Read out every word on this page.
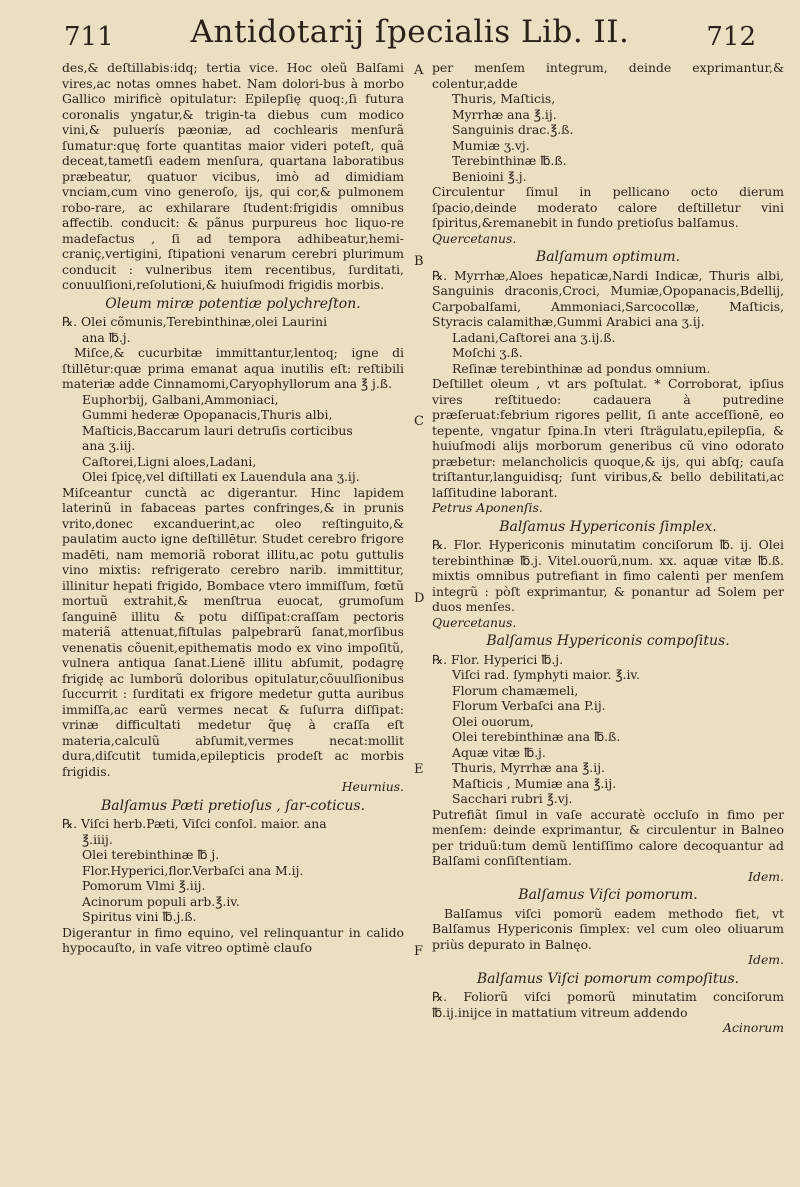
711	Antidotarij ſpecialis Lib. II.	712
A
B
C
D
E
F

des,& deſtillabis:idq; tertia vice. Hoc oleũ Balſami vires,ac notas omnes habet. Nam dolori-bus à morbo Gallico mirificè opitulatur: Epilepſię quoq:,ſi futura coronalis yngatur,& trigin-ta diebus cum modico vini,& puluerís pæoniæ, ad cochlearis menſurã ſumatur:quę forte quantitas maior videri poteſt, quã deceat,tametſi eadem menſura, quartana laboratibus præbeatur, quatuor vicibus, imò ad dimidiam vnciam,cum vino generoſo, ijs, qui cor,& pulmonem robo-rare, ac exhilarare ſtudent:frigidis omnibus affectib. conducit: & pãnus purpureus hoc liquo-re madefactus , ſi ad tempora adhibeatur,hemi-craniç,vertigini, ſtipationi venarum cerebri plurimum conducit : vulneribus item recentibus, ſurditati, conuulſioni,reſolutioni,& huiuſmodi frigidis morbis.

Oleum miræ potentiæ polychreſton.

℞. Olei cõmunis,Terebinthinæ,olei Laurini

ana ℔.j.

Miſce,& cucurbitæ immittantur,lentoq; igne di ſtillētur:quæ prima emanat aqua inutilis eſt: reſtibili materiæ adde Cinnamomi,Caryophyllorum ana ℥ j.ß.

Euphorbij, Galbani,Ammoniaci,

Gummi hederæ Opopanacis,Thuris albi,

Maſticis,Baccarum lauri detruſis corticibus

ana ʒ.iij.

Caſtorei,Ligni aloes,Ladani,

Olei ſpicę,vel diſtillati ex Lauendula ana ʒ.ij.

Miſceantur cunctà ac digerantur. Hinc lapidem laterinũ in fabaceas partes confringes,& in prunis vrito,donec excanduerint,ac oleo reſtinguito,& paulatim aucto igne deſtillētur. Studet cerebro frigore madēti, nam memoriã roborat illitu,ac potu guttulis vino mixtis: refrigerato cerebro narib. immittitur, illinitur hepati frigido, Bombace vtero immiſſum, fœtũ mortuũ extrahit,& menſtrua euocat, grumoſum ſanguinē illitu & potu diſſipat:craſſam pectoris materiã attenuat,fiſtulas palpebrarũ ſanat,morſibus venenatis cõuenit,epithematis modo ex vino impoſitũ, vulnera antiqua ſanat.Lienē illitu abſumit, podagrę frigidę ac lumborũ doloribus opitulatur,cõuulſionibus ſuccurrit : ſurditati ex frigore medetur gutta auribus immiſſa,ac earũ vermes necat & ſuſurra diſſipat: vrinæ difficultati medetur q̃uę à craſſa eſt materia,calculũ abſumit,vermes necat:mollit dura,diſcutit tumida,epilepticis prodeſt ac morbis frigidis.

Heurnius.

Balſamus Pæti pretioſus , ſar-coticus.

℞. Viſci herb.Pæti, Viſci conſol. maior. ana

℥.iiij.

Olei terebinthinæ ℔ j.

Flor.Hyperici,flor.Verbaſci ana M.ij.

Pomorum Vlmi ℥.iij.

Acinorum populi arb.℥.iv.

Spiritus vini ℔.j.ß.

Digerantur in fimo equino, vel relinquantur in calido hypocauſto, in vaſe vitreo optimè clauſo

per menſem integrum, deinde exprimantur,& colentur,adde

Thuris, Maſticis,

Myrrhæ ana ℥.ij.

Sanguinis drac.℥.ß.

Mumiæ ʒ.vj.

Terebinthinæ ℔.ß.

Benioini ℥.j.

Circulentur ſimul in pellicano octo dierum ſpacio,deinde moderato calore deſtilletur vini ſpiritus,&remanebit in fundo pretioſus balſamus.

Quercetanus.

Balſamum optimum.

℞. Myrrhæ,Aloes hepaticæ,Nardi Indicæ, Thuris albi, Sanguinis draconis,Croci, Mumiæ,Opopanacis,Bdellij, Carpobalſami, Ammoniaci,Sarcocollæ, Maſticis, Styracis calamithæ,Gummi Arabici ana ʒ.ij.

Ladani,Caſtorei ana ʒ.ij.ß.

Moſchi ʒ.ß.

Reſinæ terebinthinæ ad pondus omnium.

Deſtillet oleum , vt ars poſtulat. * Corroborat, ipſius vires reſtituedo: cadauera à putredine præſeruat:febrium rigores pellit, ſi ante acceſſionē, eo tepente, vngatur ſpina.In vteri ſträgulatu,epilepſia, & huiuſmodi alijs morborum generibus cũ vino odorato præbetur: melancholicis quoque,& ijs, qui abſq; cauſa triſtantur,languidisq; ſunt viribus,& bello debilitati,ac laſſitudine laborant.

Petrus Aponenſis.

Balſamus Hypericonis ſimplex.

℞. Flor. Hypericonis minutatim conciſorum ℔. ij. Olei terebinthinæ ℔.j. Vitel.ouorũ,num. xx. aquæ vitæ ℔.ß. mixtis omnibus putrefiant in fimo calenti per menſem integrũ : pòſt exprimantur, & ponantur ad Solem per duos menſes.

Quercetanus.

Balſamus Hypericonis compoſitus.

℞. Flor. Hyperici ℔.j.

Viſci rad. ſymphyti maior. ℥.iv.

Florum chamæmeli,

Florum Verbaſci ana P.ij.

Olei ouorum,

Olei terebinthinæ ana ℔.ß.

Aquæ vitæ ℔.j.

Thuris, Myrrhæ ana ℥.ij.

Maſticis , Mumiæ ana ℥.ij.

Sacchari rubri ℥.vj.

Putrefiãt ſimul in vaſe accuratè occluſo in fimo per menſem: deinde exprimantur, & circulentur in Balneo per triduũ:tum demũ lentiſſimo calore decoquantur ad Balſami conſiſtentiam.

Idem.

Balſamus Viſci pomorum.

Balſamus viſci pomorũ eadem methodo fiet, vt Balſamus Hypericonis ſimplex: vel cum oleo oliuarum priùs depurato in Balnęo.

Idem.

Balſamus Viſci pomorum compoſitus.

℞. Foliorũ viſci pomorũ minutatim conciſorum ℔.ij.inijce in mattatium vitreum addendo

Acinorum
